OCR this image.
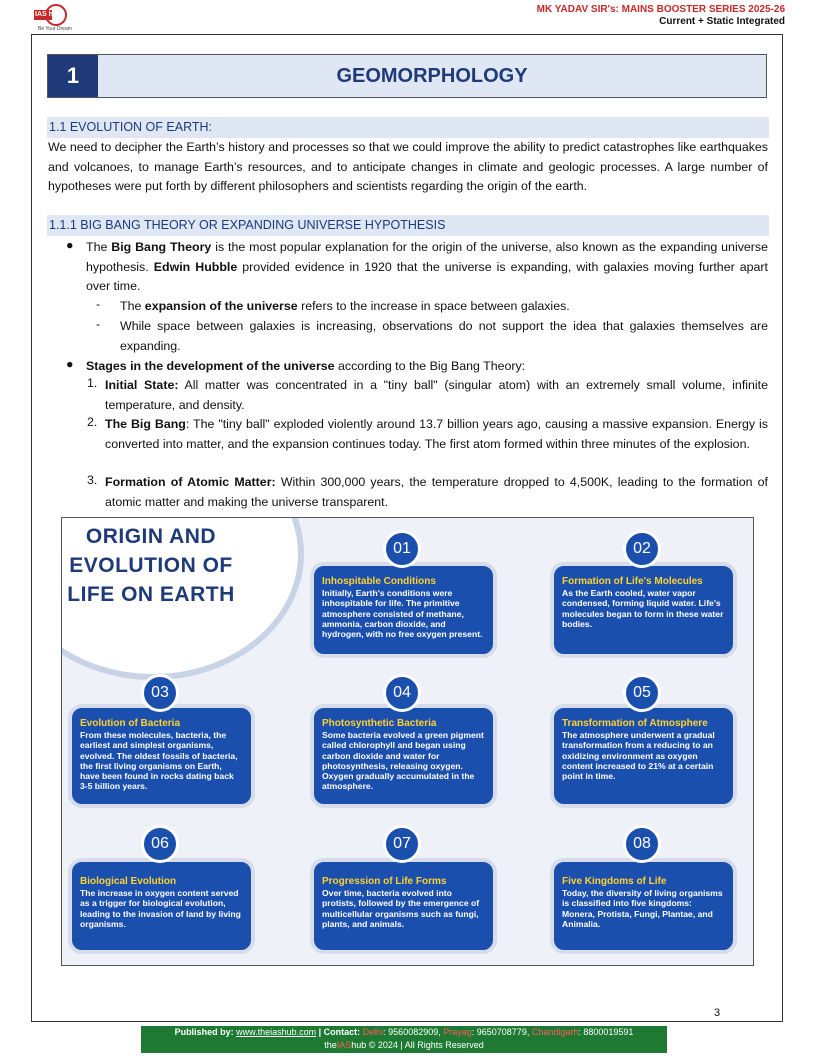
IAS hub
Be Your Dream
MK YADAV SIR's: MAINS BOOSTER SERIES 2025-26
Current + Static Integrated
1	GEOMORPHOLOGY
1.1 EVOLUTION OF EARTH:
We need to decipher the Earth’s history and processes so that we could improve the ability to predict catastrophes like earthquakes and volcanoes, to manage Earth’s resources, and to anticipate changes in climate and geologic processes. A large number of hypotheses were put forth by different philosophers and scientists regarding the origin of the earth.
1.1.1 BIG BANG THEORY OR EXPANDING UNIVERSE HYPOTHESIS
● The Big Bang Theory is the most popular explanation for the origin of the universe, also known as the expanding universe hypothesis. Edwin Hubble provided evidence in 1920 that the universe is expanding, with galaxies moving further apart over time.
- The expansion of the universe refers to the increase in space between galaxies.
- While space between galaxies is increasing, observations do not support the idea that galaxies themselves are expanding.
● Stages in the development of the universe according to the Big Bang Theory:
1. Initial State: All matter was concentrated in a "tiny ball" (singular atom) with an extremely small volume, infinite temperature, and density.
2. The Big Bang: The "tiny ball" exploded violently around 13.7 billion years ago, causing a massive expansion. Energy is converted into matter, and the expansion continues today. The first atom formed within three minutes of the explosion.
3. Formation of Atomic Matter: Within 300,000 years, the temperature dropped to 4,500K, leading to the formation of atomic matter and making the universe transparent.
ORIGIN AND EVOLUTION OF LIFE ON EARTH
Inhospitable Conditions
Initially, Earth's conditions were inhospitable for life. The primitive atmosphere consisted of methane, ammonia, carbon dioxide, and hydrogen, with no free oxygen present.
01
Formation of Life's Molecules
As the Earth cooled, water vapor condensed, forming liquid water. Life's molecules began to form in these water bodies.
02
Evolution of Bacteria
From these molecules, bacteria, the earliest and simplest organisms, evolved. The oldest fossils of bacteria, the first living organisms on Earth, have been found in rocks dating back 3-5 billion years.
03
Photosynthetic Bacteria
Some bacteria evolved a green pigment called chlorophyll and began using carbon dioxide and water for photosynthesis, releasing oxygen. Oxygen gradually accumulated in the atmosphere.
04
Transformation of Atmosphere
The atmosphere underwent a gradual transformation from a reducing to an oxidizing environment as oxygen content increased to 21% at a certain point in time.
05
Biological Evolution
The increase in oxygen content served as a trigger for biological evolution, leading to the invasion of land by living organisms.
06
Progression of Life Forms
Over time, bacteria evolved into protists, followed by the emergence of multicellular organisms such as fungi, plants, and animals.
07
Five Kingdoms of Life
Today, the diversity of living organisms is classified into five kingdoms: Monera, Protista, Fungi, Plantae, and Animalia.
08
3
Published by: www.theiashub.com | Contact: Delhi: 9560082909, Prayag: 9650708779, Chandigarh: 8800019591
theIAShub © 2024 | All Rights Reserved
